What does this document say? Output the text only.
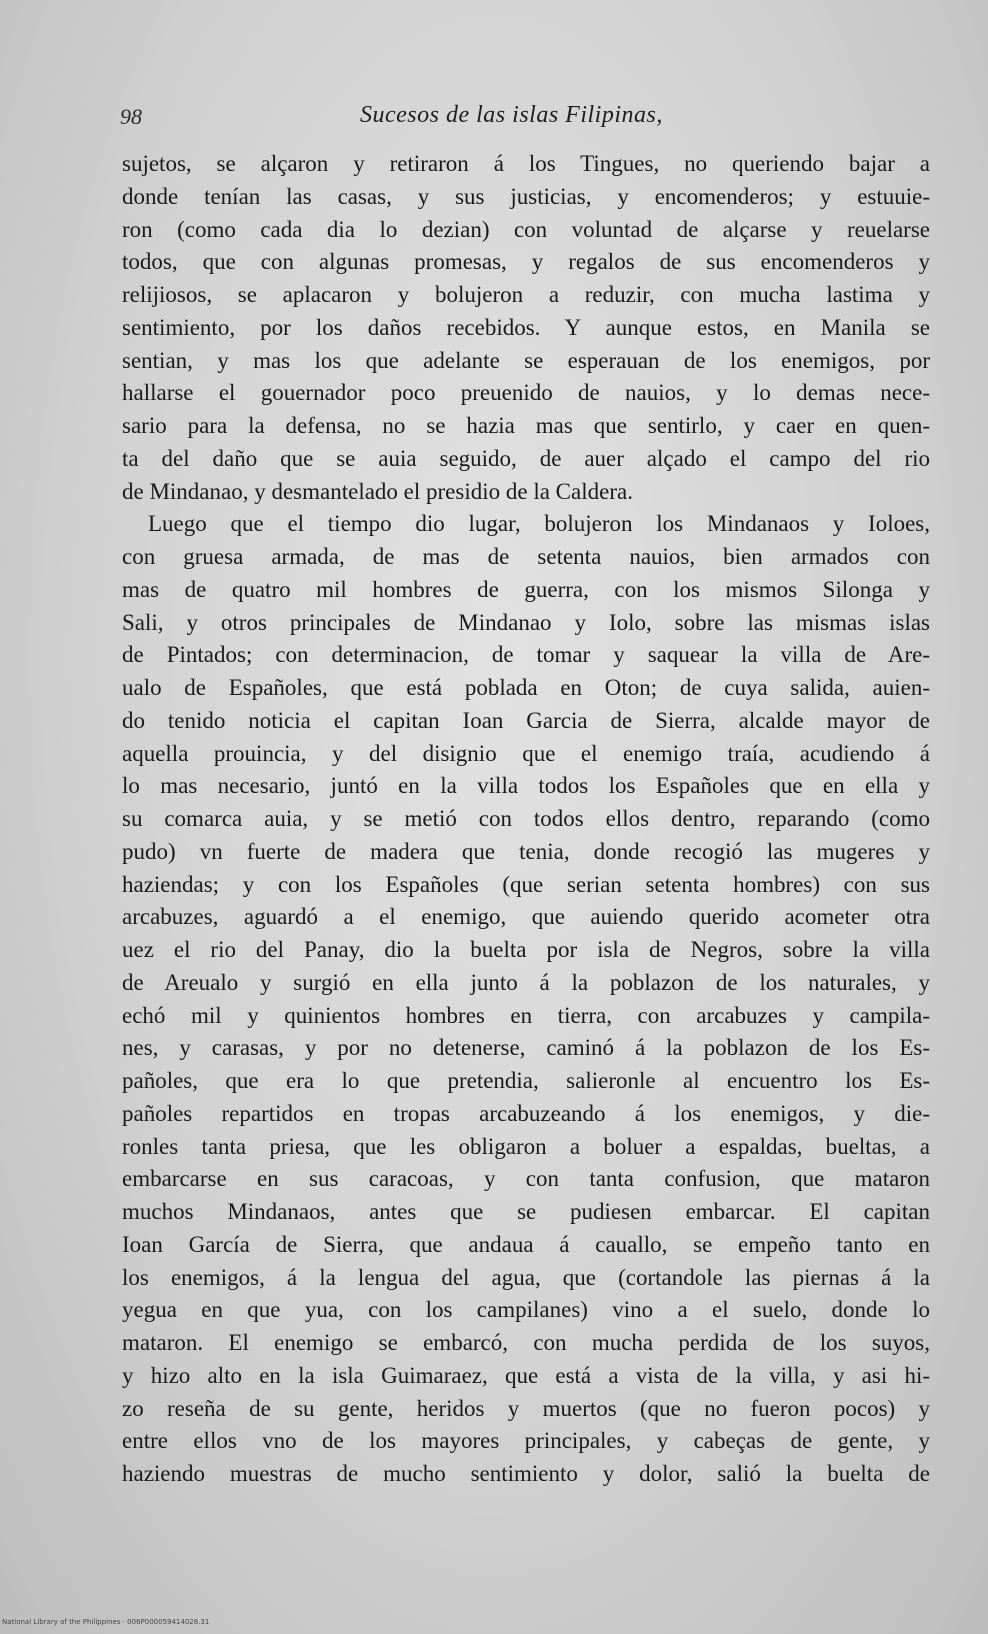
98	Sucesos de las islas Filipinas,
sujetos, se alçaron y retiraron á los Tingues, no queriendo bajar a
donde tenían las casas, y sus justicias, y encomenderos; y estuuie-
ron (como cada dia lo dezian) con voluntad de alçarse y reuelarse
todos, que con algunas promesas, y regalos de sus encomenderos y
relijiosos, se aplacaron y bolujeron a reduzir, con mucha lastima y
sentimiento, por los daños recebidos. Y aunque estos, en Manila se
sentian, y mas los que adelante se esperauan de los enemigos, por
hallarse el gouernador poco preuenido de nauios, y lo demas nece-
sario para la defensa, no se hazia mas que sentirlo, y caer en quen-
ta del daño que se auia seguido, de auer alçado el campo del rio
de Mindanao, y desmantelado el presidio de la Caldera.
Luego que el tiempo dio lugar, bolujeron los Mindanaos y Ioloes,
con gruesa armada, de mas de setenta nauios, bien armados con
mas de quatro mil hombres de guerra, con los mismos Silonga y
Sali, y otros principales de Mindanao y Iolo, sobre las mismas islas
de Pintados; con determinacion, de tomar y saquear la villa de Are-
ualo de Españoles, que está poblada en Oton; de cuya salida, auien-
do tenido noticia el capitan Ioan Garcia de Sierra, alcalde mayor de
aquella prouincia, y del disignio que el enemigo traía, acudiendo á
lo mas necesario, juntó en la villa todos los Españoles que en ella y
su comarca auia, y se metió con todos ellos dentro, reparando (como
pudo) vn fuerte de madera que tenia, donde recogió las mugeres y
haziendas; y con los Españoles (que serian setenta hombres) con sus
arcabuzes, aguardó a el enemigo, que auiendo querido acometer otra
uez el rio del Panay, dio la buelta por isla de Negros, sobre la villa
de Areualo y surgió en ella junto á la poblazon de los naturales, y
echó mil y quinientos hombres en tierra, con arcabuzes y campila-
nes, y carasas, y por no detenerse, caminó á la poblazon de los Es-
pañoles, que era lo que pretendia, salieronle al encuentro los Es-
pañoles repartidos en tropas arcabuzeando á los enemigos, y die-
ronles tanta priesa, que les obligaron a boluer a espaldas, bueltas, a
embarcarse en sus caracoas, y con tanta confusion, que mataron
muchos Mindanaos, antes que se pudiesen embarcar. El capitan
Ioan García de Sierra, que andaua á cauallo, se empeño tanto en
los enemigos, á la lengua del agua, que (cortandole las piernas á la
yegua en que yua, con los campilanes) vino a el suelo, donde lo
mataron. El enemigo se embarcó, con mucha perdida de los suyos,
y hizo alto en la isla Guimaraez, que está a vista de la villa, y asi hi-
zo reseña de su gente, heridos y muertos (que no fueron pocos) y
entre ellos vno de los mayores principales, y cabeças de gente, y
haziendo muestras de mucho sentimiento y dolor, salió la buelta de
National Library of the Philippines · 006P000059414028.31
